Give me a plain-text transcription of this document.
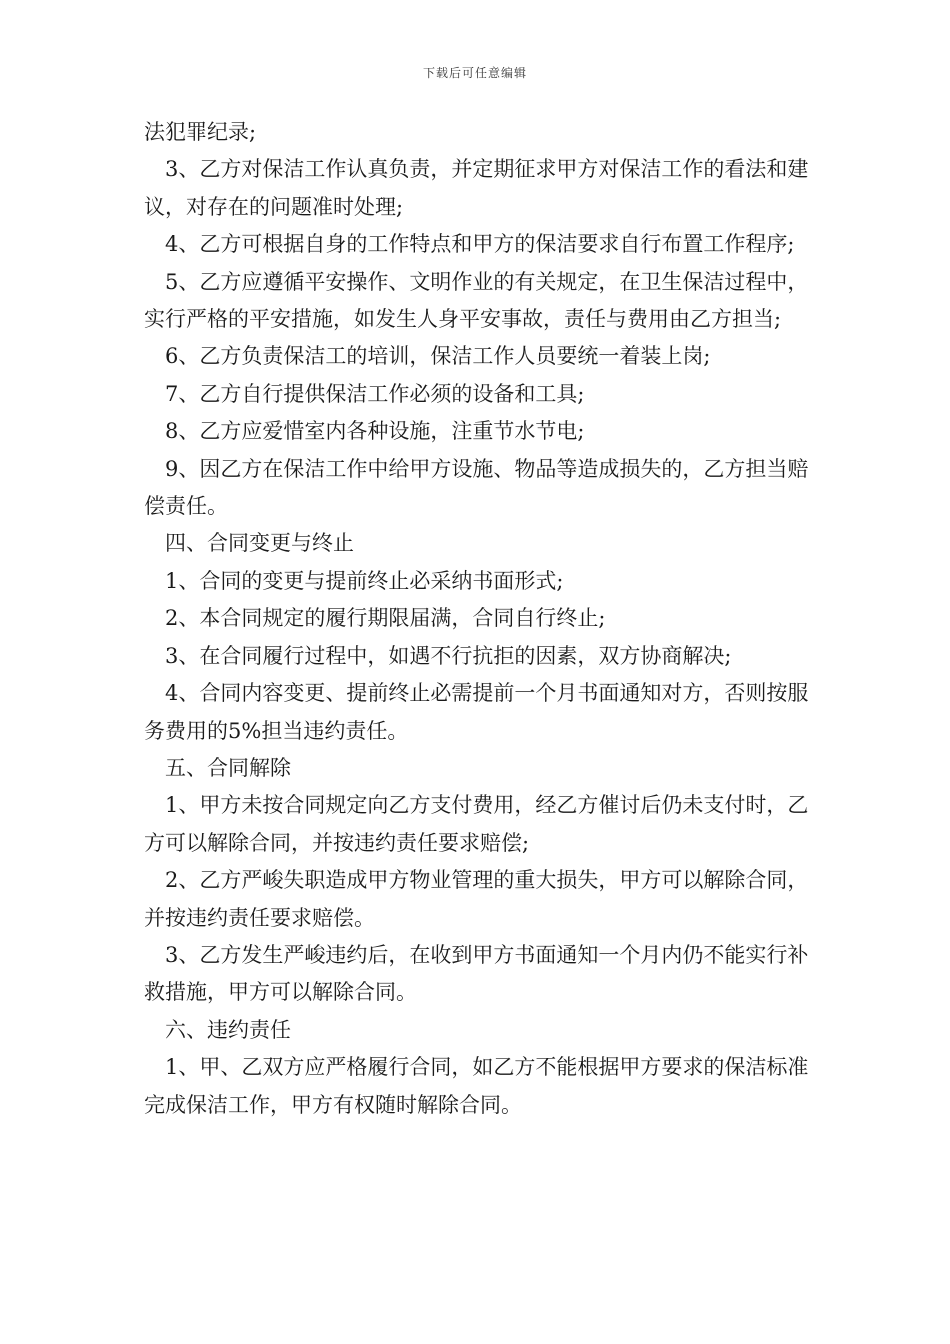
下载后可任意编辑

法犯罪纪录;

3、乙方对保洁工作认真负责，并定期征求甲方对保洁工作的看法和建议，对存在的问题准时处理;

4、乙方可根据自身的工作特点和甲方的保洁要求自行布置工作程序;

5、乙方应遵循平安操作、文明作业的有关规定，在卫生保洁过程中，实行严格的平安措施，如发生人身平安事故，责任与费用由乙方担当;

6、乙方负责保洁工的培训，保洁工作人员要统一着装上岗;

7、乙方自行提供保洁工作必须的设备和工具;

8、乙方应爱惜室内各种设施，注重节水节电;

9、因乙方在保洁工作中给甲方设施、物品等造成损失的，乙方担当赔偿责任。

四、合同变更与终止

1、合同的变更与提前终止必采纳书面形式;

2、本合同规定的履行期限届满，合同自行终止;

3、在合同履行过程中，如遇不行抗拒的因素，双方协商解决;

4、合同内容变更、提前终止必需提前一个月书面通知对方，否则按服务费用的5%担当违约责任。

五、合同解除

1、甲方未按合同规定向乙方支付费用，经乙方催讨后仍未支付时，乙方可以解除合同，并按违约责任要求赔偿;

2、乙方严峻失职造成甲方物业管理的重大损失，甲方可以解除合同，并按违约责任要求赔偿。

3、乙方发生严峻违约后，在收到甲方书面通知一个月内仍不能实行补救措施，甲方可以解除合同。

六、违约责任

1、甲、乙双方应严格履行合同，如乙方不能根据甲方要求的保洁标准完成保洁工作，甲方有权随时解除合同。
